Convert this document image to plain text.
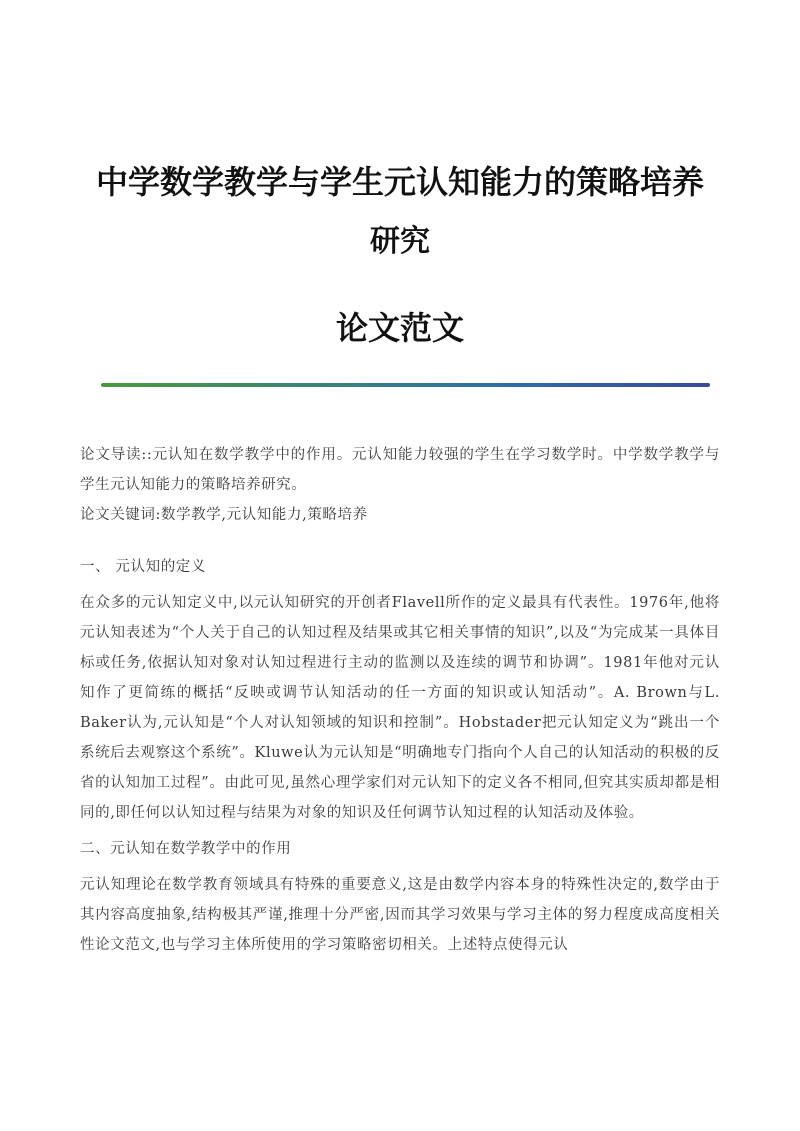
中学数学教学与学生元认知能力的策略培养
研究
论文范文

论文导读::元认知在数学教学中的作用。元认知能力较强的学生在学习数学时。中学数学教学与学生元认知能力的策略培养研究。

论文关键词:数学教学,元认知能力,策略培养

一、 元认知的定义

在众多的元认知定义中,以元认知研究的开创者Flavell所作的定义最具有代表性。1976年,他将元认知表述为“个人关于自己的认知过程及结果或其它相关事情的知识”,以及“为完成某一具体目标或任务,依据认知对象对认知过程进行主动的监测以及连续的调节和协调”。1981年他对元认知作了更简练的概括“反映或调节认知活动的任一方面的知识或认知活动”。A. Brown与L. Baker认为,元认知是“个人对认知领域的知识和控制”。Hobstader把元认知定义为“跳出一个系统后去观察这个系统”。Kluwe认为元认知是“明确地专门指向个人自己的认知活动的积极的反省的认知加工过程”。由此可见,虽然心理学家们对元认知下的定义各不相同,但究其实质却都是相同的,即任何以认知过程与结果为对象的知识及任何调节认知过程的认知活动及体验。

二、元认知在数学教学中的作用

元认知理论在数学教育领域具有特殊的重要意义,这是由数学内容本身的特殊性决定的,数学由于其内容高度抽象,结构极其严谨,推理十分严密,因而其学习效果与学习主体的努力程度成高度相关性论文范文,也与学习主体所使用的学习策略密切相关。上述特点使得元认
